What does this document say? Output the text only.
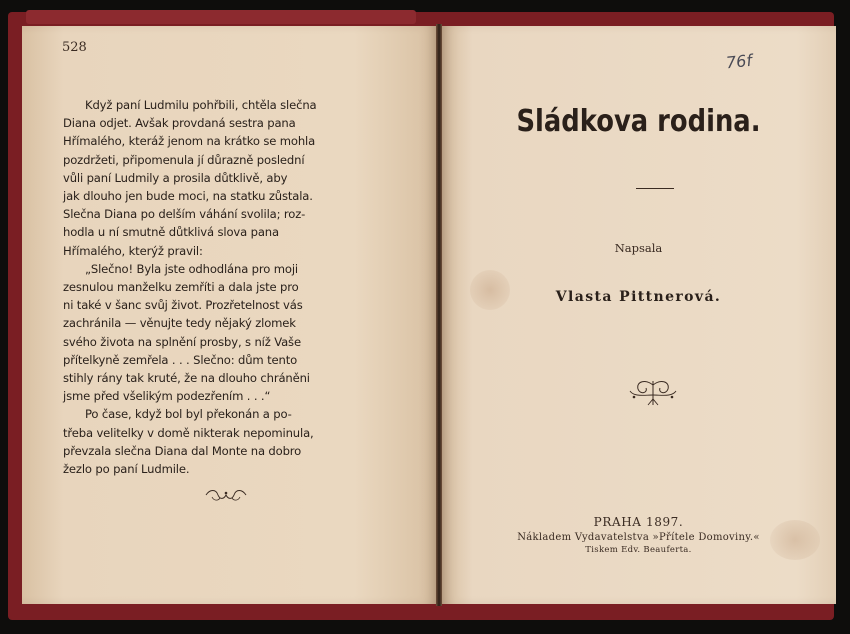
528
Když paní Ludmilu pohřbili, chtěla slečna
Diana odjet. Avšak provdaná sestra pana
Hřímalého, kteráž jenom na krátko se mohla
pozdržeti, připomenula jí důrazně poslední
vůli paní Ludmily a prosila důtklivě, aby
jak dlouho jen bude moci, na statku zůstala.
Slečna Diana po delším váhání svolila; roz-
hodla u ní smutně důtklivá slova pana
Hřímalého, kterýž pravil:
„Slečno! Byla jste odhodlána pro moji
zesnulou manželku zemříti a dala jste pro
ni také v šanc svůj život. Prozřetelnost vás
zachránila — věnujte tedy nějaký zlomek
svého života na splnění prosby, s níž Vaše
přítelkyně zemřela . . . Slečno: dům tento
stihly rány tak kruté, že na dlouho chráněni
jsme před všelikým podezřením . . .“
Po čase, když bol byl překonán a po-
třeba velitelky v domě nikterak nepominula,
převzala slečna Diana dal Monte na dobro
žezlo po paní Ludmile.
76f
Sládkova rodina.
Napsala
Vlasta Pittnerová.
PRAHA 1897.
Nákladem Vydavatelstva »Přítele Domoviny.«
Tiskem Edv. Beauferta.
